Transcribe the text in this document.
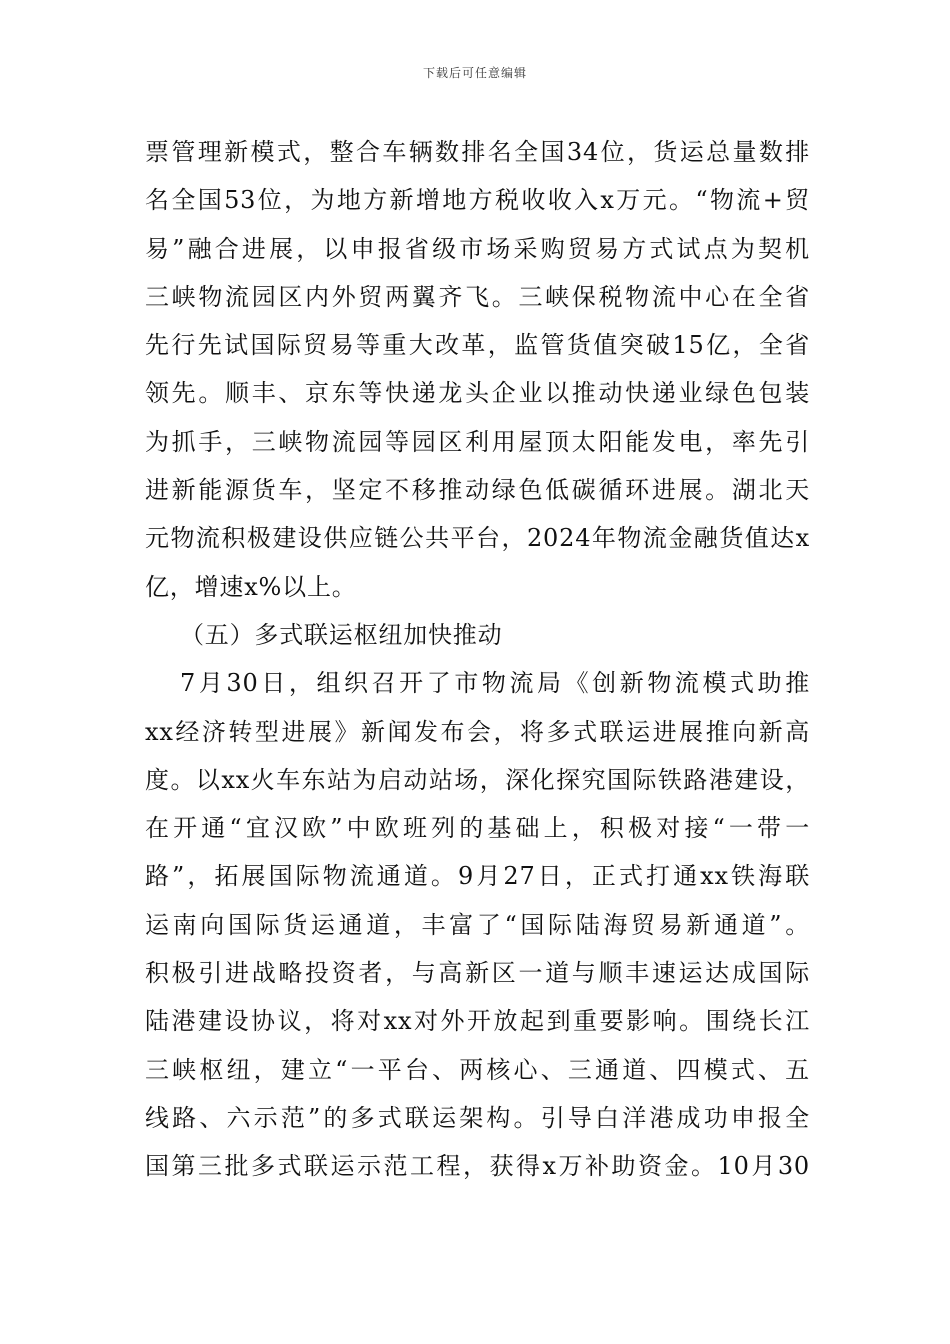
下载后可任意编辑
票管理新模式，整合车辆数排名全国34位，货运总量数排
名全国53位，为地方新增地方税收收入x万元。“物流+贸
易”融合进展，以申报省级市场采购贸易方式试点为契机
三峡物流园区内外贸两翼齐飞。三峡保税物流中心在全省
先行先试国际贸易等重大改革，监管货值突破15亿，全省
领先。顺丰、京东等快递龙头企业以推动快递业绿色包装
为抓手，三峡物流园等园区利用屋顶太阳能发电，率先引
进新能源货车，坚定不移推动绿色低碳循环进展。湖北天
元物流积极建设供应链公共平台，2024年物流金融货值达x
亿，增速x%以上。
（五）多式联运枢纽加快推动
7月30日，组织召开了市物流局《创新物流模式助推
xx经济转型进展》新闻发布会，将多式联运进展推向新高
度。以xx火车东站为启动站场，深化探究国际铁路港建设，
在开通“宜汉欧”中欧班列的基础上，积极对接“一带一
路”，拓展国际物流通道。9月27日，正式打通xx铁海联
运南向国际货运通道，丰富了“国际陆海贸易新通道”。
积极引进战略投资者，与高新区一道与顺丰速运达成国际
陆港建设协议，将对xx对外开放起到重要影响。围绕长江
三峡枢纽，建立“一平台、两核心、三通道、四模式、五
线路、六示范”的多式联运架构。引导白洋港成功申报全
国第三批多式联运示范工程，获得x万补助资金。10月30
